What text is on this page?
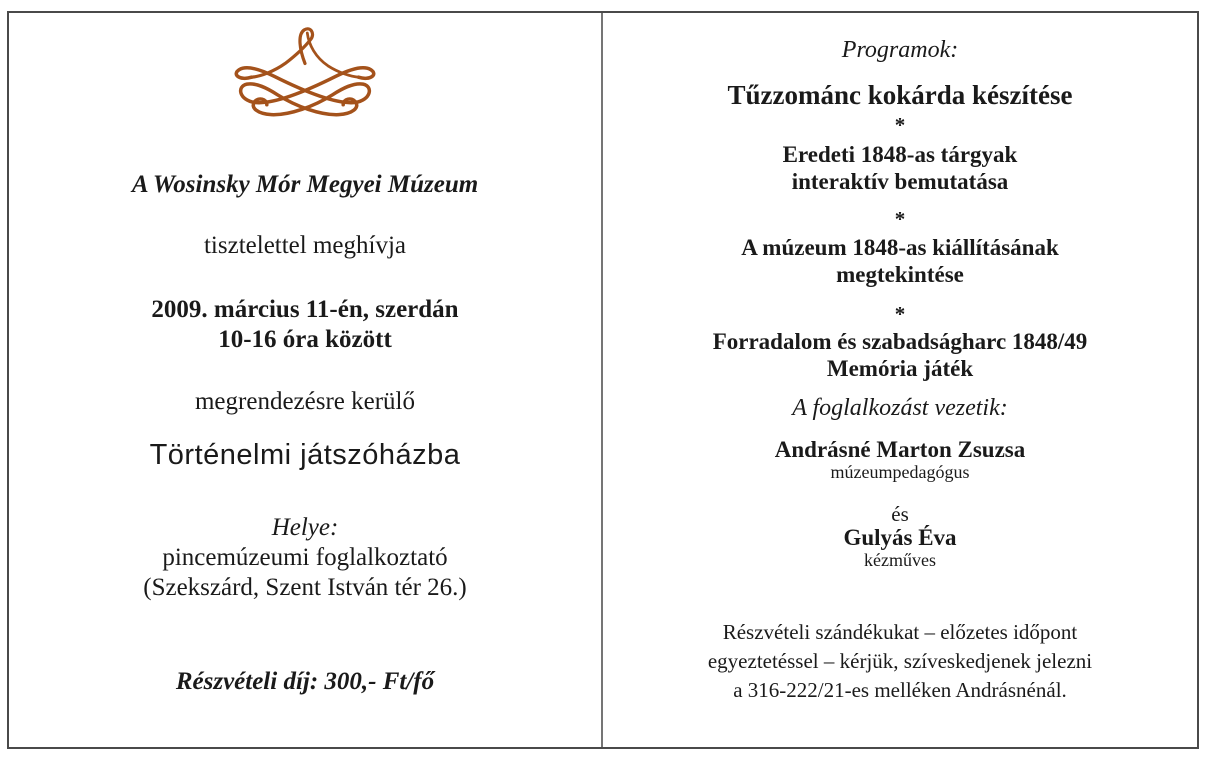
A Wosinsky Mór Megyei Múzeum
tisztelettel meghívja
2009. március 11-én, szerdán
10-16 óra között
megrendezésre kerülő
Történelmi játszóházba
Helye:
pincemúzeumi foglalkoztató
(Szekszárd, Szent István tér 26.)
Részvételi díj: 300,- Ft/fő
Programok:
Tűzzománc kokárda készítése
*
Eredeti 1848-as tárgyak
interaktív bemutatása
*
A múzeum 1848-as kiállításának
megtekintése
*
Forradalom és szabadságharc 1848/49
Memória játék
A foglalkozást vezetik:
Andrásné Marton Zsuzsa
múzeumpedagógus
és
Gulyás Éva
kézműves
Részvételi szándékukat – előzetes időpont
egyeztetéssel – kérjük, szíveskedjenek jelezni
a 316-222/21-es melléken Andrásnénál.
